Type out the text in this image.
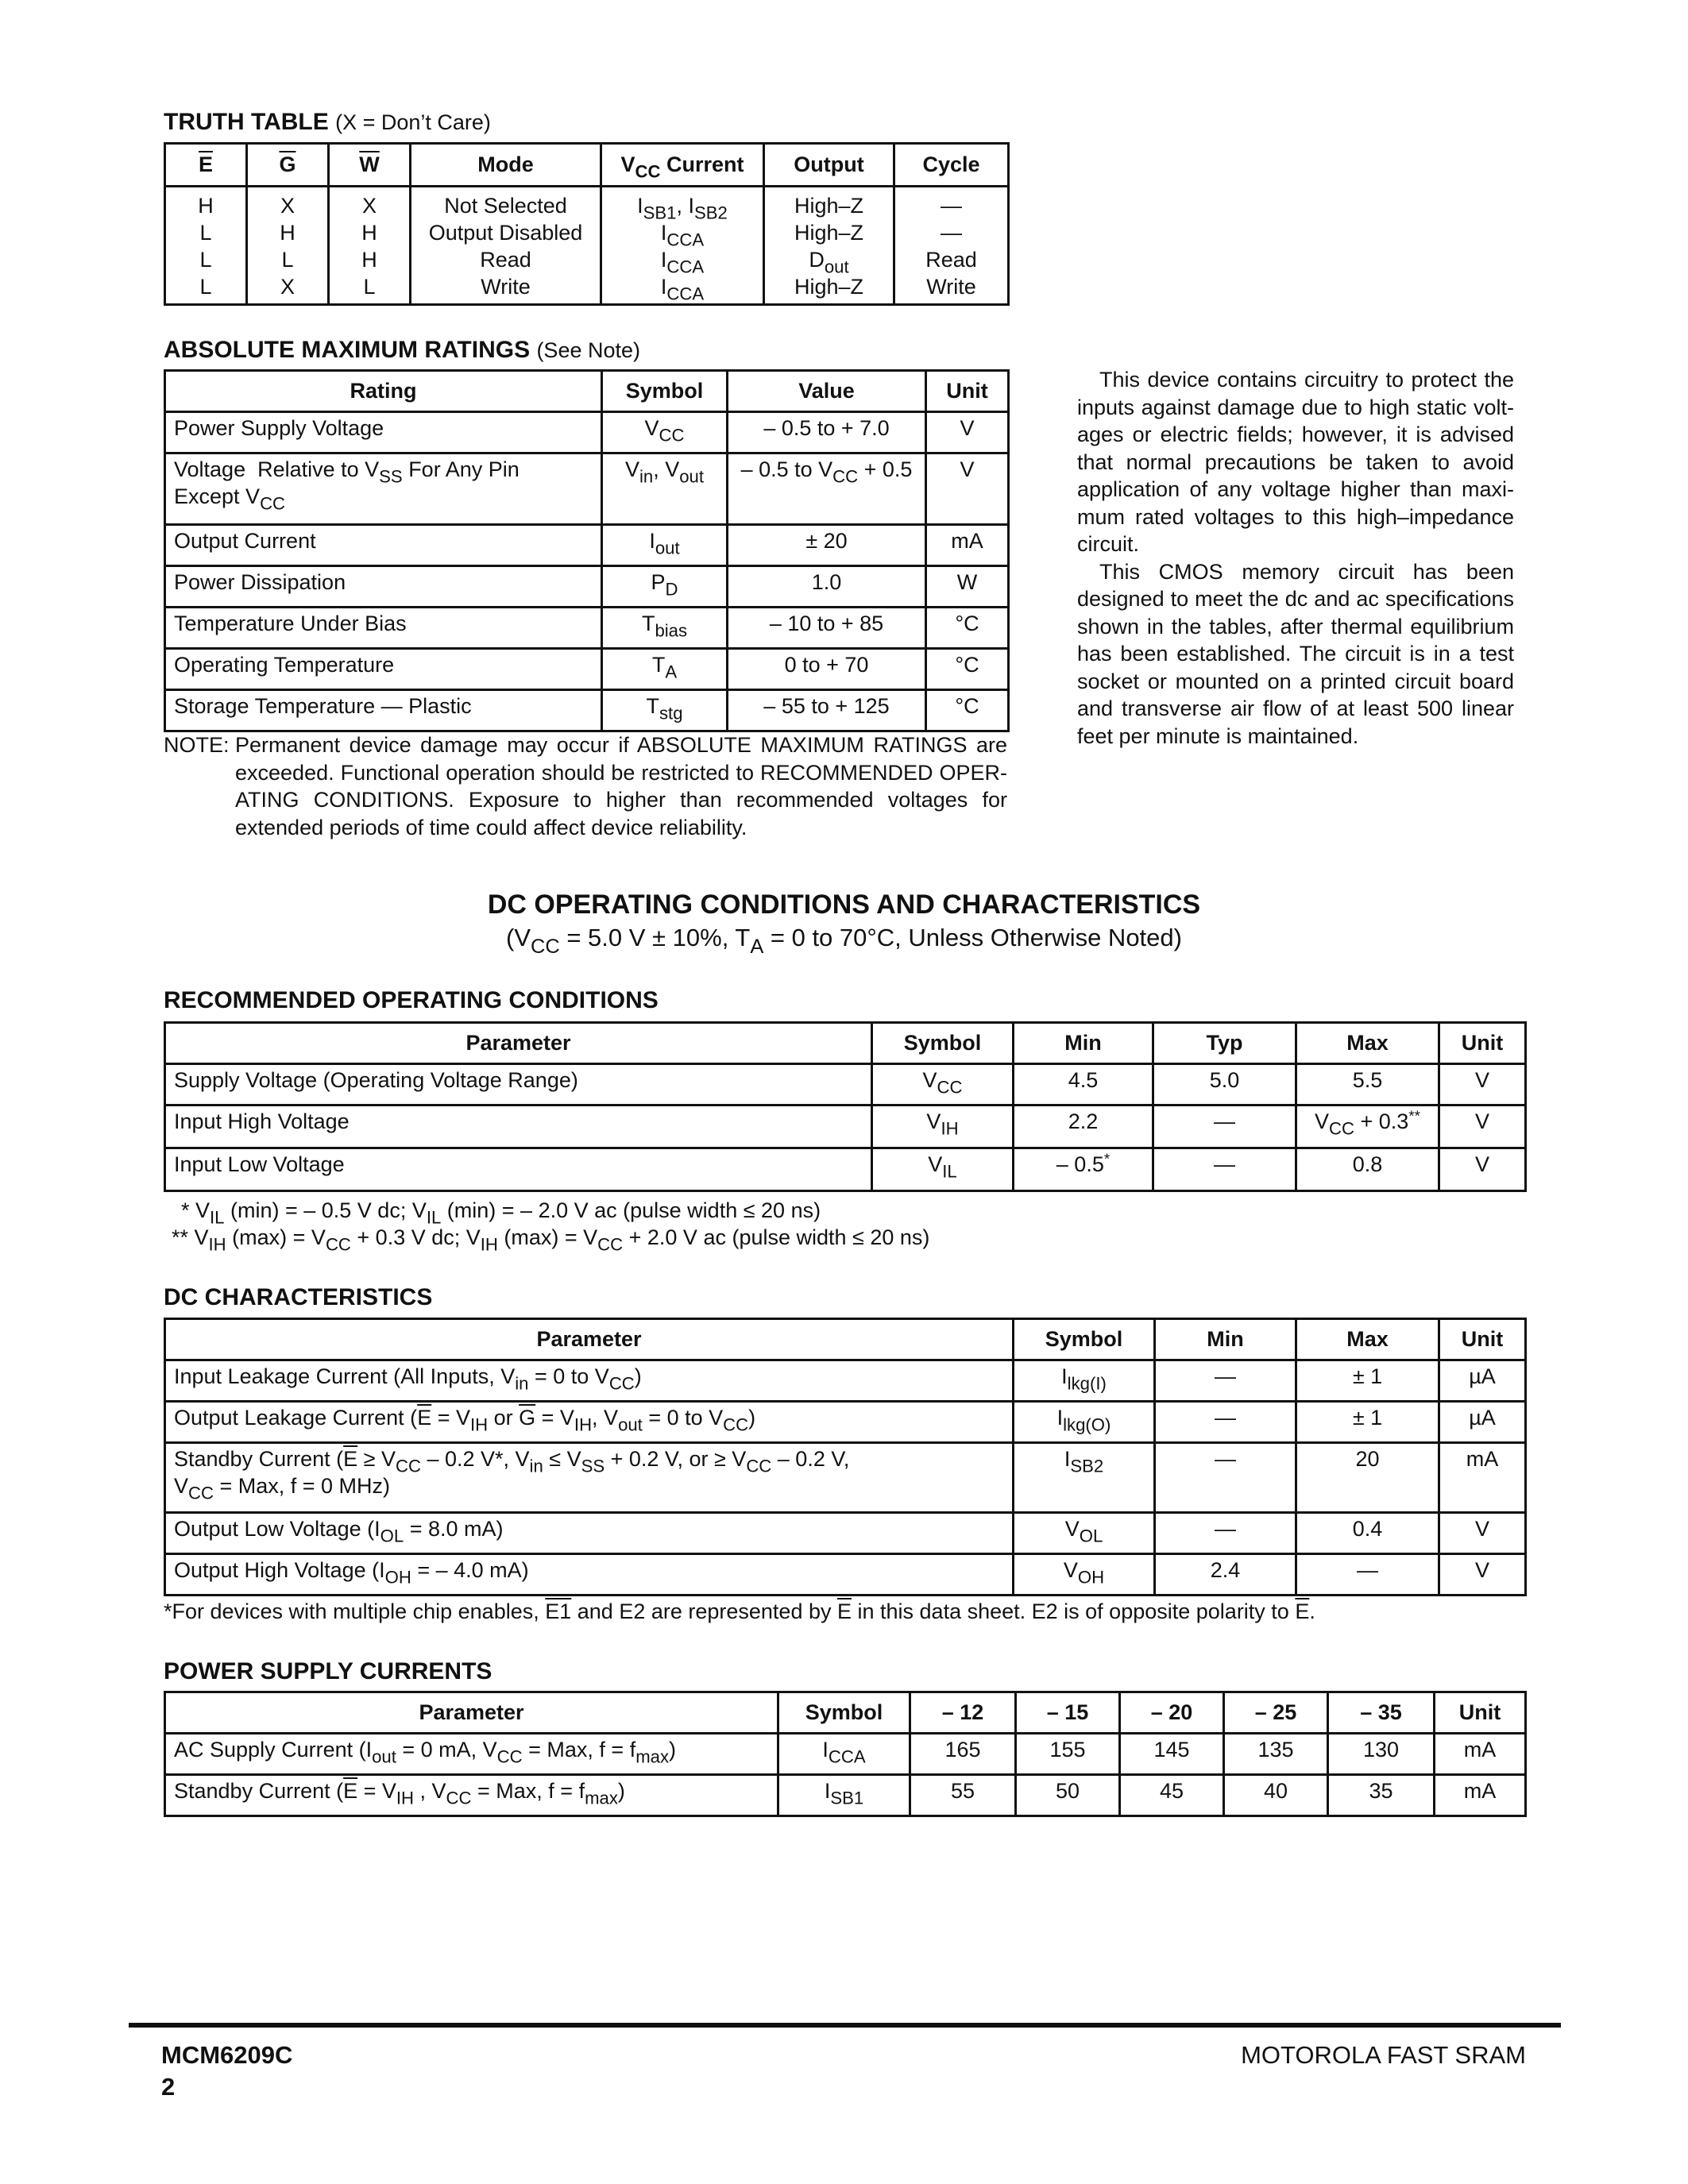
TRUTH TABLE (X = Don’t Care)
$\overline{E}$	$\overline{G}$	$\overline{W}$	Mode	$V_{CC}$ Current	Output	Cycle
H	X	X	Not Selected	$I_{SB1}$, $I_{SB2}$	High–Z	—
L	H	H	Output Disabled	$I_{CCA}$	High–Z	—
L	L	H	Read	$I_{CCA}$	$D_{out}$	Read
L	X	L	Write	$I_{CCA}$	High–Z	Write
ABSOLUTE MAXIMUM RATINGS (See Note)
Rating	Symbol	Value	Unit
Power Supply Voltage	$V_{CC}$	– 0.5 to + 7.0	V
Voltage  Relative to $V_{SS}$ For Any Pin
Except $V_{CC}$	$V_{in}$, $V_{out}$	– 0.5 to $V_{CC} + 0.5$	V
Output Current	$I_{out}$	± 20	mA
Power Dissipation	$P_D$	1.0	W
Temperature Under Bias	$T_{bias}$	– 10 to + 85	°C
Operating Temperature	$T_A$	0 to + 70	°C
Storage Temperature — Plastic	$T_{stg}$	– 55 to + 125	°C
NOTE: Permanent device damage may occur if ABSOLUTE MAXIMUM RATINGS are exceeded. Functional operation should be restricted to RECOMMENDED OPER-ATING CONDITIONS. Exposure to higher than recommended voltages for extended periods of time could affect device reliability.

This device contains circuitry to protect the inputs against damage due to high static volt-ages or electric fields; however, it is advised that normal precautions be taken to avoid application of any voltage higher than maxi-mum rated voltages to this high–impedance circuit.

This CMOS memory circuit has been designed to meet the dc and ac specifications shown in the tables, after thermal equilibrium has been established. The circuit is in a test socket or mounted on a printed circuit board and transverse air flow of at least 500 linear feet per minute is maintained.

DC OPERATING CONDITIONS AND CHARACTERISTICS
($V_{CC} = 5.0$ V ± 10%, $T_A = 0$ to 70°C, Unless Otherwise Noted)
RECOMMENDED OPERATING CONDITIONS
Parameter	Symbol	Min	Typ	Max	Unit
Supply Voltage (Operating Voltage Range)	$V_{CC}$	4.5	5.0	5.5	V
Input High Voltage	$V_{IH}$	2.2	—	$V_{CC} + 0.3^{**}$	V
Input Low Voltage	$V_{IL}$	– 0.5*	—	0.8	V
* $V_{IL}$ (min) = – 0.5 V dc; $V_{IL}$ (min) = – 2.0 V ac (pulse width ≤ 20 ns)
** $V_{IH}$ $(\max) = V_{CC} + 0.3$ V dc; $V_{IH}$ $(\max) = V_{CC} + 2.0$ V ac (pulse width ≤ 20 ns)
DC CHARACTERISTICS
Parameter	Symbol	Min	Max	Unit
Input Leakage Current (All Inputs, $V_{in} = 0$ to $V_{CC}$)	$I_{lkg(I)}$	—	± 1	µA
Output Leakage Current ($\overline{E} = V_{IH}$ or $\overline{G} = V_{IH}$, $V_{out} = 0$ to $V_{CC}$)	$I_{lkg(O)}$	—	± 1	µA
Standby Current ($\overline{E} \ge V_{CC} - 0.2$ V*, $V_{in} \le V_{SS} + 0.2$ V, or ≥ $V_{CC} - 0.2$ V,
$V_{CC}$ = Max, f = 0 MHz)	$I_{SB2}$	—	20	mA
Output Low Voltage ($I_{OL} = 8.0$ mA)	$V_{OL}$	—	0.4	V
Output High Voltage ($I_{OH}$ = – 4.0 mA)	$V_{OH}$	2.4	—	V
*For devices with multiple chip enables, E1 and E2 are represented by $\overline{E}$ in this data sheet. E2 is of opposite polarity to $\overline{E}$.
POWER SUPPLY CURRENTS
Parameter	Symbol	– 12	– 15	– 20	– 25	– 35	Unit
AC Supply Current ($I_{out} = 0$ mA, $V_{CC}$ = Max, $f = f_{max}$)	$I_{CCA}$	165	155	145	135	130	mA
Standby Current ($\overline{E} = V_{IH}$ , $V_{CC}$ = Max, $f = f_{max}$)	$I_{SB1}$	55	50	45	40	35	mA
MCM6209C
2
MOTOROLA FAST SRAM
